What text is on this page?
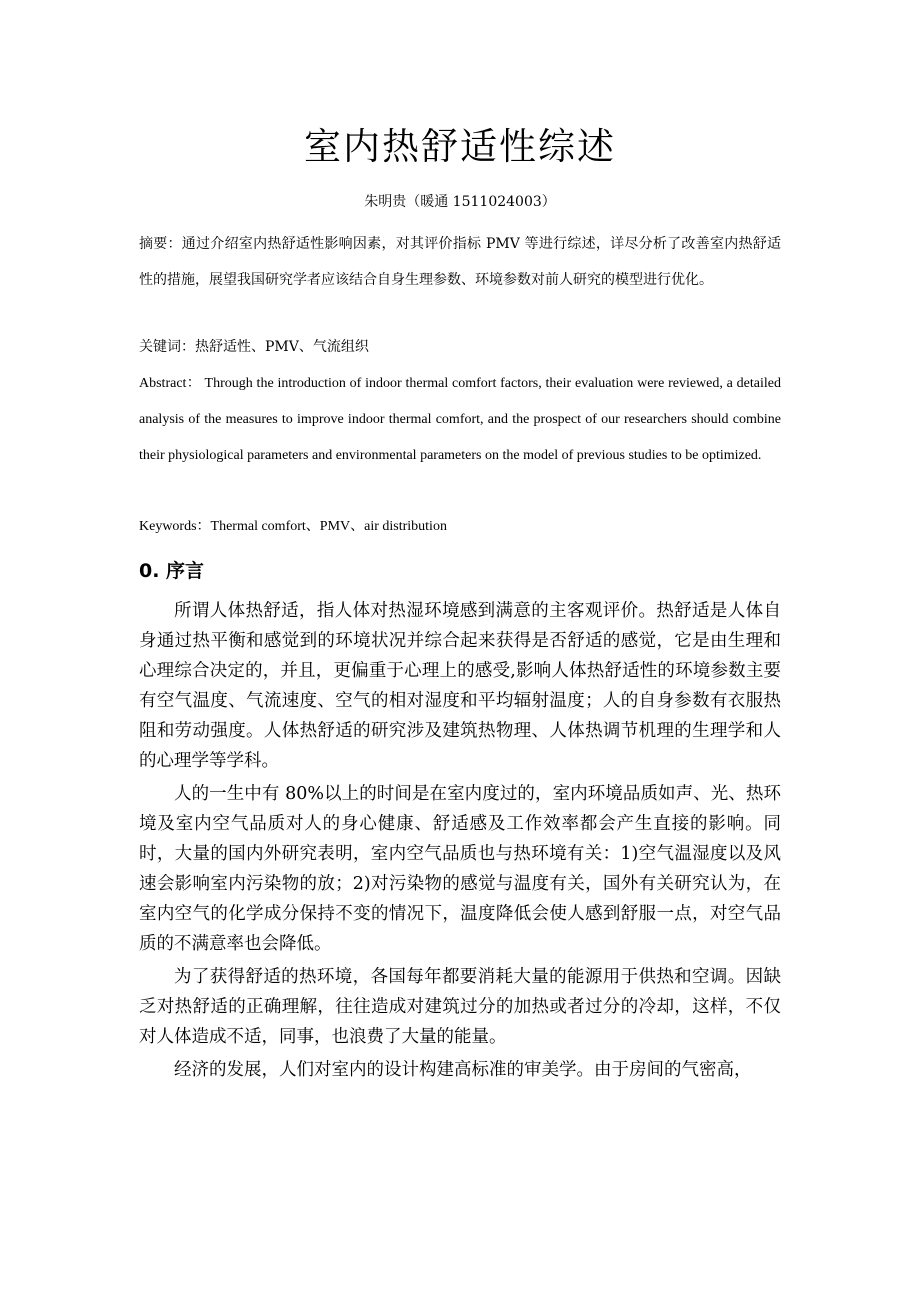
室内热舒适性综述
朱明贵（暖通 1511024003）

摘要：通过介绍室内热舒适性影响因素，对其评价指标 PMV 等进行综述，详尽分析了改善室内热舒适性的措施，展望我国研究学者应该结合自身生理参数、环境参数对前人研究的模型进行优化。

关键词：热舒适性、PMV、气流组织

Abstract： Through the introduction of indoor thermal comfort factors, their evaluation were reviewed, a detailed analysis of the measures to improve indoor thermal comfort, and the prospect of our researchers should combine their physiological parameters and environmental parameters on the model of previous studies to be optimized.

Keywords：Thermal comfort、PMV、air distribution

0. 序言

所谓人体热舒适，指人体对热湿环境感到满意的主客观评价。热舒适是人体自身通过热平衡和感觉到的环境状况并综合起来获得是否舒适的感觉，它是由生理和心理综合决定的，并且，更偏重于心理上的感受,影响人体热舒适性的环境参数主要有空气温度、气流速度、空气的相对湿度和平均辐射温度；人的自身参数有衣服热阻和劳动强度。人体热舒适的研究涉及建筑热物理、人体热调节机理的生理学和人的心理学等学科。

人的一生中有 80%以上的时间是在室内度过的，室内环境品质如声、光、热环境及室内空气品质对人的身心健康、舒适感及工作效率都会产生直接的影响。同时，大量的国内外研究表明，室内空气品质也与热环境有关：1)空气温湿度以及风速会影响室内污染物的放；2)对污染物的感觉与温度有关，国外有关研究认为，在室内空气的化学成分保持不变的情况下，温度降低会使人感到舒服一点，对空气品质的不满意率也会降低。

为了获得舒适的热环境，各国每年都要消耗大量的能源用于供热和空调。因缺乏对热舒适的正确理解，往往造成对建筑过分的加热或者过分的冷却，这样，不仅对人体造成不适，同事，也浪费了大量的能量。

经济的发展，人们对室内的设计构建高标准的审美学。由于房间的气密高，
